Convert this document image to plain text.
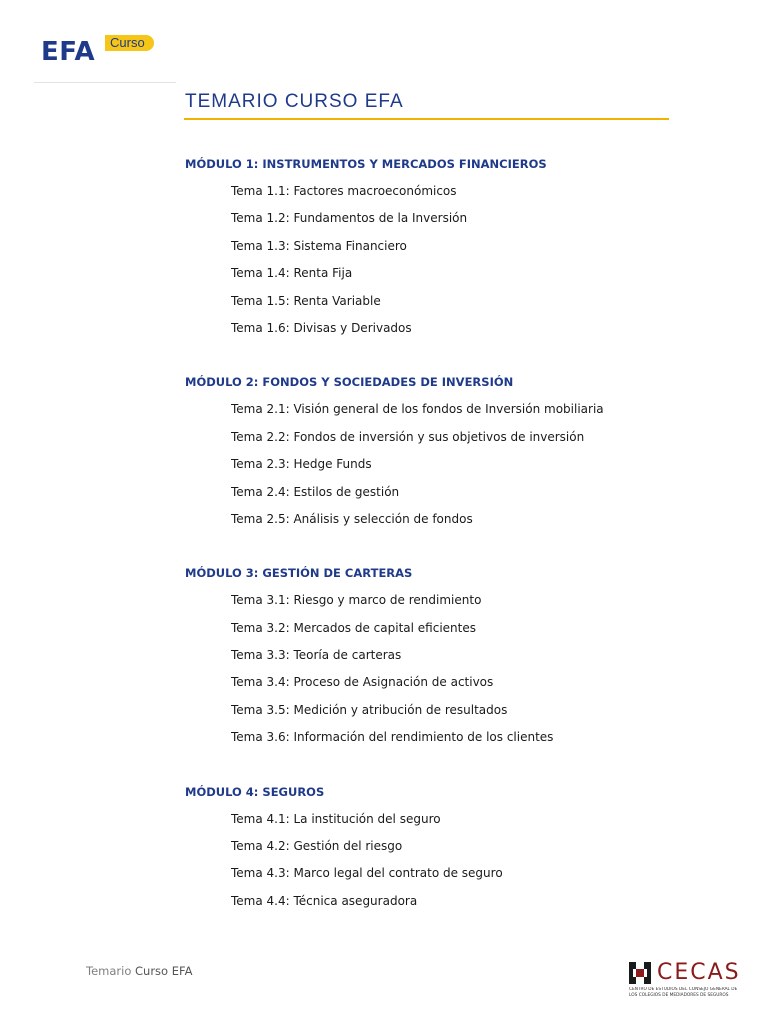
EFA	Curso
TEMARIO CURSO EFA
MÓDULO 1: INSTRUMENTOS Y MERCADOS FINANCIEROS
Tema 1.1: Factores macroeconómicos
Tema 1.2: Fundamentos de la Inversión
Tema 1.3: Sistema Financiero
Tema 1.4: Renta Fija
Tema 1.5: Renta Variable
Tema 1.6: Divisas y Derivados
MÓDULO 2: FONDOS Y SOCIEDADES DE INVERSIÓN
Tema 2.1: Visión general de los fondos de Inversión mobiliaria
Tema 2.2: Fondos de inversión y sus objetivos de inversión
Tema 2.3: Hedge Funds
Tema 2.4: Estilos de gestión
Tema 2.5: Análisis y selección de fondos
MÓDULO 3: GESTIÓN DE CARTERAS
Tema 3.1: Riesgo y marco de rendimiento
Tema 3.2: Mercados de capital eficientes
Tema 3.3: Teoría de carteras
Tema 3.4: Proceso de Asignación de activos
Tema 3.5: Medición y atribución de resultados
Tema 3.6: Información del rendimiento de los clientes
MÓDULO 4: SEGUROS
Tema 4.1: La institución del seguro
Tema 4.2: Gestión del riesgo
Tema 4.3: Marco legal del contrato de seguro
Tema 4.4: Técnica aseguradora
Temario Curso EFA	CECAS
CENTRO DE ESTUDIOS DEL CONSEJO GENERAL DE
LOS COLEGIOS DE MEDIADORES DE SEGUROS
